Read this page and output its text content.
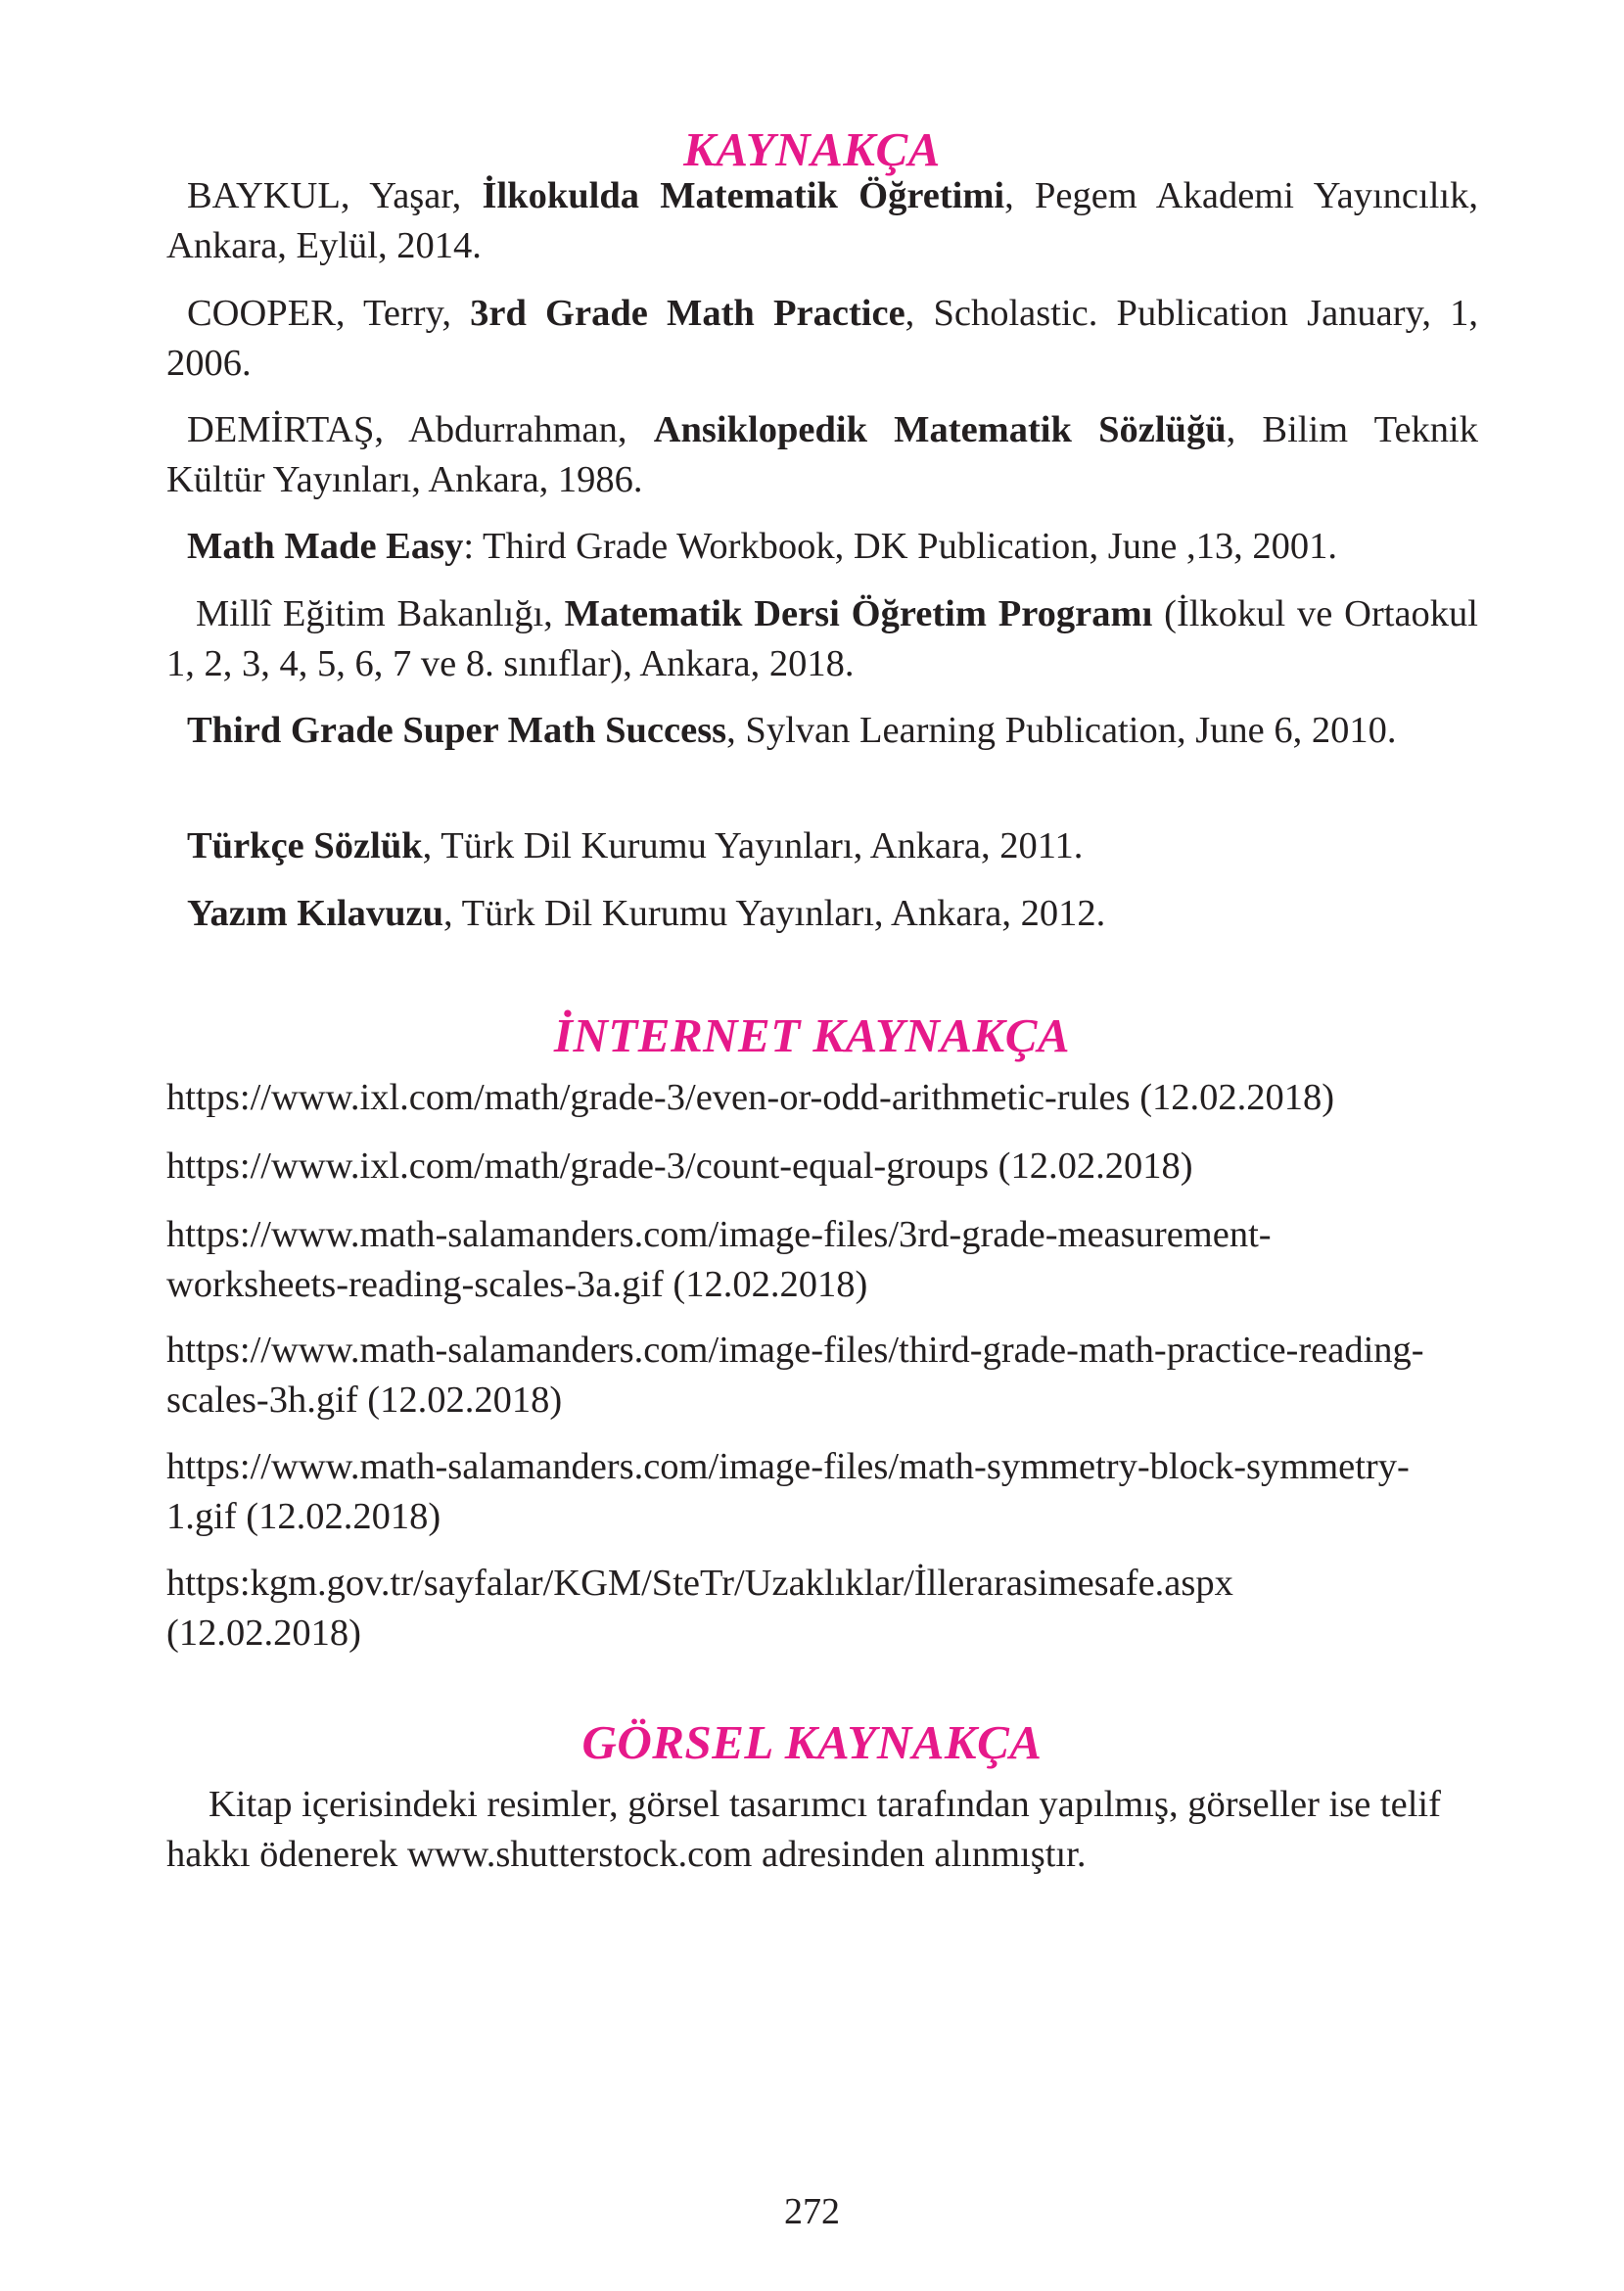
KAYNAKÇA
BAYKUL, Yaşar, İlkokulda Matematik Öğretimi, Pegem Akademi Yayıncılık, Ankara, Eylül, 2014.
COOPER, Terry, 3rd Grade Math Practice, Scholastic. Publication January, 1, 2006.
DEMİRTAŞ, Abdurrahman, Ansiklopedik Matematik Sözlüğü, Bilim Teknik Kültür Yayınları, Ankara, 1986.
Math Made Easy: Third Grade Workbook, DK Publication, June ,13, 2001.
Millî Eğitim Bakanlığı, Matematik Dersi Öğretim Programı (İlkokul ve Ortaokul 1, 2, 3, 4, 5, 6, 7 ve 8. sınıflar), Ankara, 2018.
Third Grade Super Math Success, Sylvan Learning Publication, June 6, 2010.
Türkçe Sözlük, Türk Dil Kurumu Yayınları, Ankara, 2011.
Yazım Kılavuzu, Türk Dil Kurumu Yayınları, Ankara, 2012.
İNTERNET KAYNAKÇA
https://www.ixl.com/math/grade-3/even-or-odd-arithmetic-rules (12.02.2018)
https://www.ixl.com/math/grade-3/count-equal-groups (12.02.2018)
https://www.math-salamanders.com/image-files/3rd-grade-measurement-worksheets-reading-scales-3a.gif (12.02.2018)
https://www.math-salamanders.com/image-files/third-grade-math-practice-reading-scales-3h.gif (12.02.2018)
https://www.math-salamanders.com/image-files/math-symmetry-block-symmetry-1.gif (12.02.2018)
https:kgm.gov.tr/sayfalar/KGM/SteTr/Uzaklıklar/İllerarasimesafe.aspx (12.02.2018)
GÖRSEL KAYNAKÇA
Kitap içerisindeki resimler, görsel tasarımcı tarafından yapılmış, görseller ise telif hakkı ödenerek www.shutterstock.com adresinden alınmıştır.
272
